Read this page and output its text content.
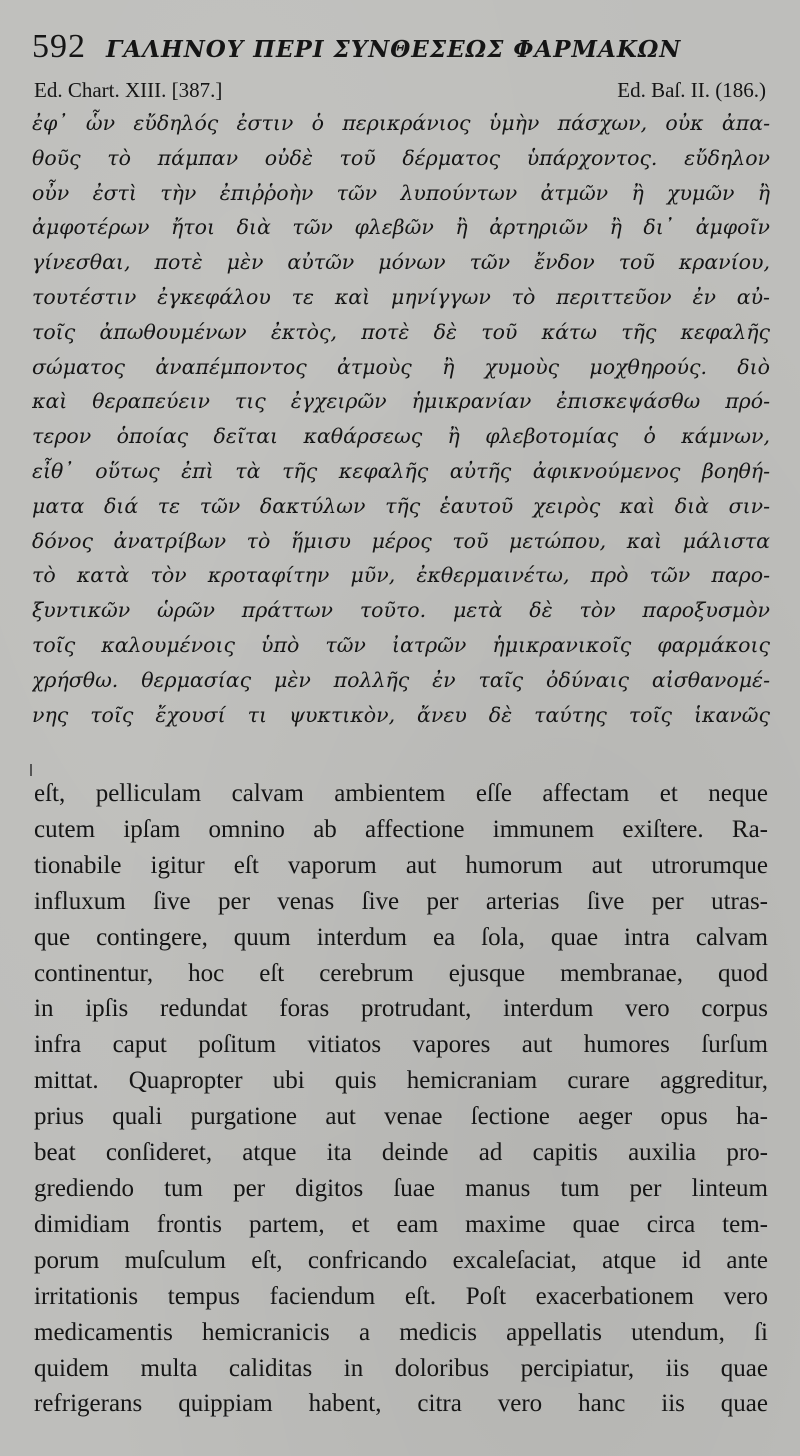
592 ΓΑΛΗΝΟΥ ΠΕΡΙ ΣΥΝΘΕΣΕΩΣ ΦΑΡΜΑΚΩΝ
Ed. Chart. XIII. [387.]	Ed. Baſ. II. (186.)
ἐφ᾽ ὧν εὔδηλός ἐστιν ὁ περικράνιος ὑμὴν πάσχων, οὐκ ἀπα-
θοῦς τὸ πάμπαν οὐδὲ τοῦ δέρματος ὑπάρχοντος. εὔδηλον
οὖν ἐστὶ τὴν ἐπιῤῥοὴν τῶν λυπούντων ἀτμῶν ἢ χυμῶν ἢ
ἀμφοτέρων ἤτοι διὰ τῶν φλεβῶν ἢ ἀρτηριῶν ἢ δι᾽ ἀμφοῖν
γίνεσθαι, ποτὲ μὲν αὐτῶν μόνων τῶν ἔνδον τοῦ κρανίου,
τουτέστιν ἐγκεφάλου τε καὶ μηνίγγων τὸ περιττεῦον ἐν αὐ-
τοῖς ἀπωθουμένων ἐκτὸς, ποτὲ δὲ τοῦ κάτω τῆς κεφαλῆς
σώματος ἀναπέμποντος ἀτμοὺς ἢ χυμοὺς μοχθηρούς. διὸ
καὶ θεραπεύειν τις ἐγχειρῶν ἡμικρανίαν ἐπισκεψάσθω πρό-
τερον ὁποίας δεῖται καθάρσεως ἢ φλεβοτομίας ὁ κάμνων,
εἶθ᾽ οὕτως ἐπὶ τὰ τῆς κεφαλῆς αὐτῆς ἀφικνούμενος βοηθή-
ματα διά τε τῶν δακτύλων τῆς ἑαυτοῦ χειρὸς καὶ διὰ σιν-
δόνος ἀνατρίβων τὸ ἥμισυ μέρος τοῦ μετώπου, καὶ μάλιστα
τὸ κατὰ τὸν κροταφίτην μῦν, ἐκθερμαινέτω, πρὸ τῶν παρο-
ξυντικῶν ὡρῶν πράττων τοῦτο. μετὰ δὲ τὸν παροξυσμὸν
τοῖς καλουμένοις ὑπὸ τῶν ἰατρῶν ἡμικρανικοῖς φαρμάκοις
χρήσθω. θερμασίας μὲν πολλῆς ἐν ταῖς ὀδύναις αἰσθανομέ-
νης τοῖς ἔχουσί τι ψυκτικὸν, ἄνευ δὲ ταύτης τοῖς ἱκανῶς
eſt, pelliculam calvam ambientem eſſe affectam et neque
cutem ipſam omnino ab affectione immunem exiſtere. Ra-
tionabile igitur eſt vaporum aut humorum aut utrorumque
influxum ſive per venas ſive per arterias ſive per utras-
que contingere, quum interdum ea ſola, quae intra calvam
continentur, hoc eſt cerebrum ejusque membranae, quod
in ipſis redundat foras protrudant, interdum vero corpus
infra caput poſitum vitiatos vapores aut humores ſurſum
mittat. Quapropter ubi quis hemicraniam curare aggreditur,
prius quali purgatione aut venae ſectione aeger opus ha-
beat conſideret, atque ita deinde ad capitis auxilia pro-
grediendo tum per digitos ſuae manus tum per linteum
dimidiam frontis partem, et eam maxime quae circa tem-
porum muſculum eſt, confricando excaleſaciat, atque id ante
irritationis tempus faciendum eſt. Poſt exacerbationem vero
medicamentis hemicranicis a medicis appellatis utendum, ſi
quidem multa caliditas in doloribus percipiatur, iis quae
refrigerans quippiam habent, citra vero hanc iis quae
